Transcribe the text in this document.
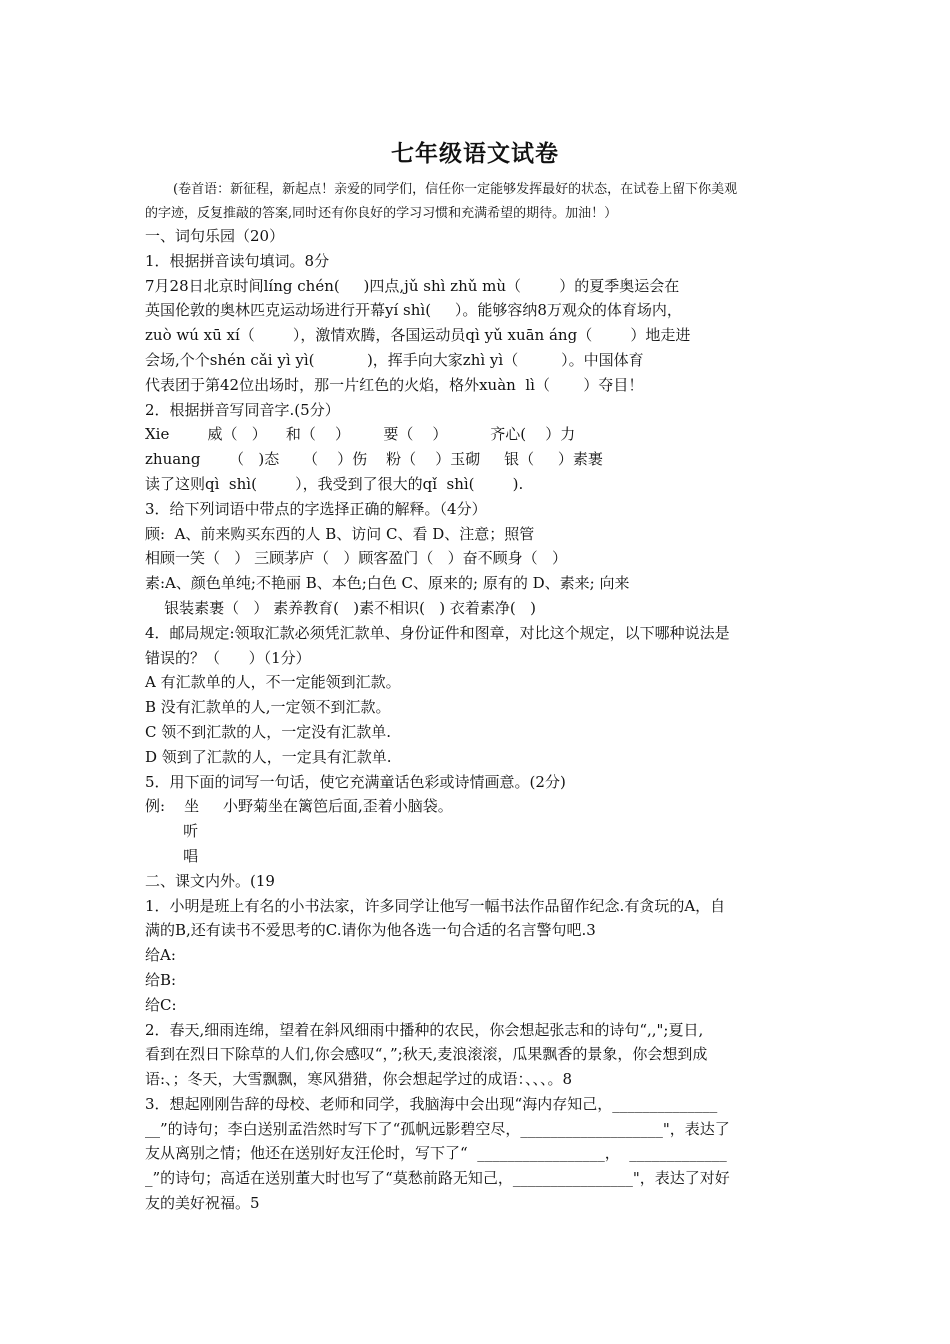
七年级语文试卷
(卷首语：新征程，新起点！亲爱的同学们，信任你一定能够发挥最好的状态，在试卷上留下你美观
的字迹，反复推敲的答案,同时还有你良好的学习习惯和充满希望的期待。加油！）
一、词句乐园（20）
1．根据拼音读句填词。8分
7月28日北京时间líng chén(     )四点,jǔ shì zhǔ mù（        ）的夏季奥运会在
英国伦敦的奥林匹克运动场进行开幕yí shì(     ）。能够容纳8万观众的体育场内，
zuò wú xū xí（        ），激情欢腾，各国运动员qì yǔ xuān áng（        ）地走进
会场,个个shén cǎi yì yì(           )，挥手向大家zhì yì（         ）。中国体育
代表团于第42位出场时，那一片红色的火焰，格外xuàn  lì（       ）夺目！
2．根据拼音写同音字.(5分）
Xie        威（   ）    和（    ）       要（    ）         齐心(    ）力
zhuang      （   )态     （    ）伤    粉（    ）玉砌     银（     ）素裹
读了这则qì  shì(        ），我受到了很大的qǐ  shì(        ).
3．给下列词语中带点的字选择正确的解释。（4分）
顾:  A、前来购买东西的人 B、访问 C、看 D、注意；照管
相顾一笑（   ） 三顾茅庐（   ）顾客盈门（   ）奋不顾身（   ）
素:A、颜色单纯;不艳丽 B、本色;白色 C、原来的; 原有的 D、素来; 向来
银装素裹（   ） 素养教育(   )素不相识(   ) 衣着素净(   )
4．邮局规定:领取汇款必须凭汇款单、身份证件和图章，对比这个规定，以下哪种说法是
错误的？（      ）（1分）
A 有汇款单的人，不一定能领到汇款。
B 没有汇款单的人,一定领不到汇款。
C 领不到汇款的人，一定没有汇款单.
D 领到了汇款的人，一定具有汇款单.
5．用下面的词写一句话，使它充满童话色彩或诗情画意。(2分)
例:    坐     小野菊坐在篱笆后面,歪着小脑袋。
听
唱
二、课文内外。(19
1．小明是班上有名的小书法家，许多同学让他写一幅书法作品留作纪念.有贪玩的A，自
满的B,还有读书不爱思考的C.请你为他各选一句合适的名言警句吧.3
给A:
给B:
给C:
2．春天,细雨连绵，望着在斜风细雨中播种的农民，你会想起张志和的诗句“,,";夏日,
看到在烈日下除草的人们,你会感叹“，”;秋天,麦浪滚滚，瓜果飘香的景象，你会想到成
语:、；冬天，大雪飘飘，寒风猎猎，你会想起学过的成语：、、、。8
3．想起刚刚告辞的母校、老师和同学，我脑海中会出现“海内存知己，______________
__”的诗句；李白送别孟浩然时写下了“孤帆远影碧空尽，___________________"，表达了
友从离别之情；他还在送别好友汪伦时，写下了“  _________________，  _____________
_”的诗句；高适在送别董大时也写了“莫愁前路无知己，________________"，表达了对好
友的美好祝福。5
